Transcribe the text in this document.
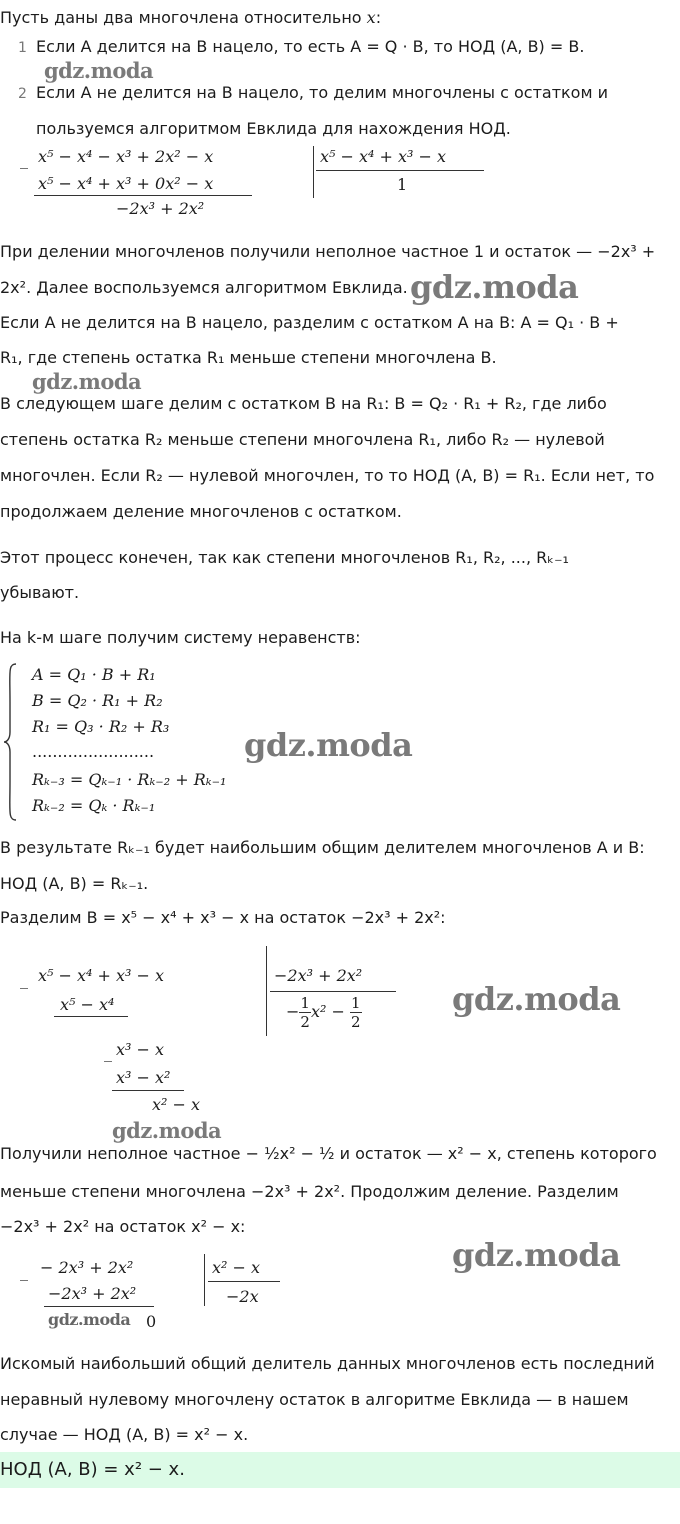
Пусть даны два многочлена относительно x:
1 Если A делится на B нацело, то есть A = Q · B, то НОД (A, B) = B.
gdz.moda
2 Если A не делится на B нацело, то делим многочлены с остатком и
пользуемся алгоритмом Евклида для нахождения НОД.
_ x⁵ − x⁴ − x³ + 2x² − x
x⁵ − x⁴ + x³ + 0x² − x
−2x³ + 2x²
x⁵ − x⁴ + x³ − x
1
При делении многочленов получили неполное частное 1 и остаток — −2x³ +
2x². Далее воспользуемся алгоритмом Евклида. gdz.moda
Если A не делится на B нацело, разделим с остатком A на B: A = Q₁ · B +
R₁, где степень остатка R₁ меньше степени многочлена B.
gdz.moda
В следующем шаге делим с остатком B на R₁: B = Q₂ · R₁ + R₂, где либо
степень остатка R₂ меньше степени многочлена R₁, либо R₂ — нулевой
многочлен. Если R₂ — нулевой многочлен, то то НОД (A, B) = R₁. Если нет, то
продолжаем деление многочленов с остатком.
Этот процесс конечен, так как степени многочленов R₁, R₂, ..., Rₖ₋₁
убывают.
На k-м шаге получим систему неравенств:
A = Q₁ · B + R₁
B = Q₂ · R₁ + R₂
R₁ = Q₃ · R₂ + R₃
........................
Rₖ₋₃ = Qₖ₋₁ · Rₖ₋₂ + Rₖ₋₁
Rₖ₋₂ = Qₖ · Rₖ₋₁
gdz.moda
В результате Rₖ₋₁ будет наибольшим общим делителем многочленов A и B:
НОД (A, B) = Rₖ₋₁.
Разделим B = x⁵ − x⁴ + x³ − x на остаток −2x³ + 2x²:
_ x⁵ − x⁴ + x³ − x
x⁵ − x⁴
_ x³ − x
x³ − x²
x² − x
−2x³ + 2x²
− $\frac{1}{2} x^2 - \frac{1}{2}$	gdz.moda
gdz.moda
Получили неполное частное − ½x² − ½ и остаток — x² − x, степень которого
меньше степени многочлена −2x³ + 2x². Продолжим деление. Разделим
−2x³ + 2x² на остаток x² − x:
_ − 2x³ + 2x²
−2x³ + 2x²
gdz.moda 0
x² − x
−2x
gdz.moda
Искомый наибольший общий делитель данных многочленов есть последний
неравный нулевому многочлену остаток в алгоритме Евклида — в нашем
случае — НОД (A, B) = x² − x.
НОД (A, B) = x² − x.
